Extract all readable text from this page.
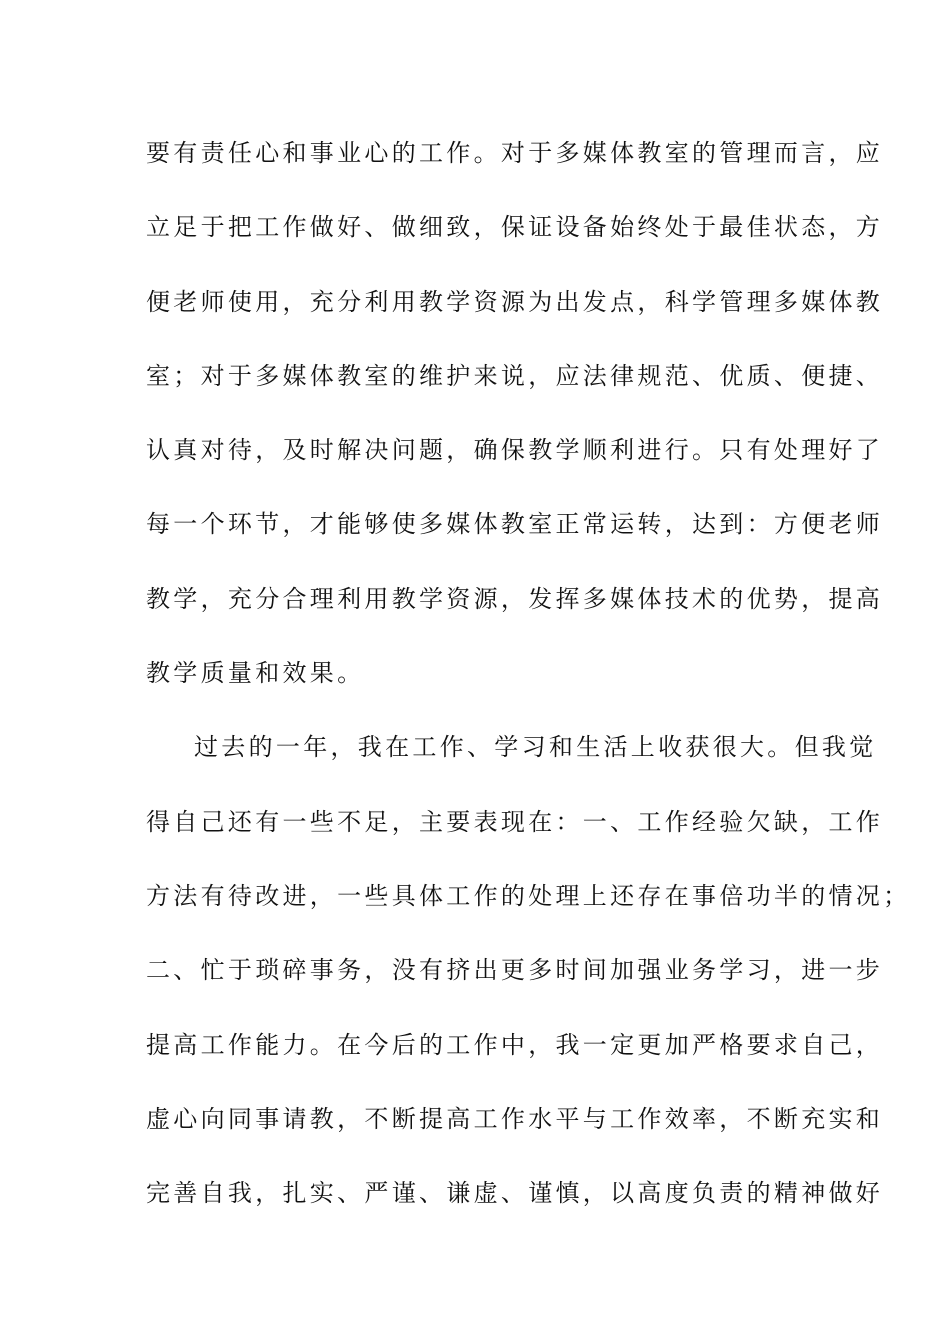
要有责任心和事业心的工作。对于多媒体教室的管理而言，应
立足于把工作做好、做细致，保证设备始终处于最佳状态，方
便老师使用，充分利用教学资源为出发点，科学管理多媒体教
室；对于多媒体教室的维护来说，应法律规范、优质、便捷、
认真对待，及时解决问题，确保教学顺利进行。只有处理好了
每一个环节，才能够使多媒体教室正常运转，达到：方便老师
教学，充分合理利用教学资源，发挥多媒体技术的优势，提高
教学质量和效果。
过去的一年，我在工作、学习和生活上收获很大。但我觉
得自己还有一些不足，主要表现在：一、工作经验欠缺，工作
方法有待改进，一些具体工作的处理上还存在事倍功半的情况；
二、忙于琐碎事务，没有挤出更多时间加强业务学习，进一步
提高工作能力。在今后的工作中，我一定更加严格要求自己，
虚心向同事请教，不断提高工作水平与工作效率，不断充实和
完善自我，扎实、严谨、谦虚、谨慎，以高度负责的精神做好
